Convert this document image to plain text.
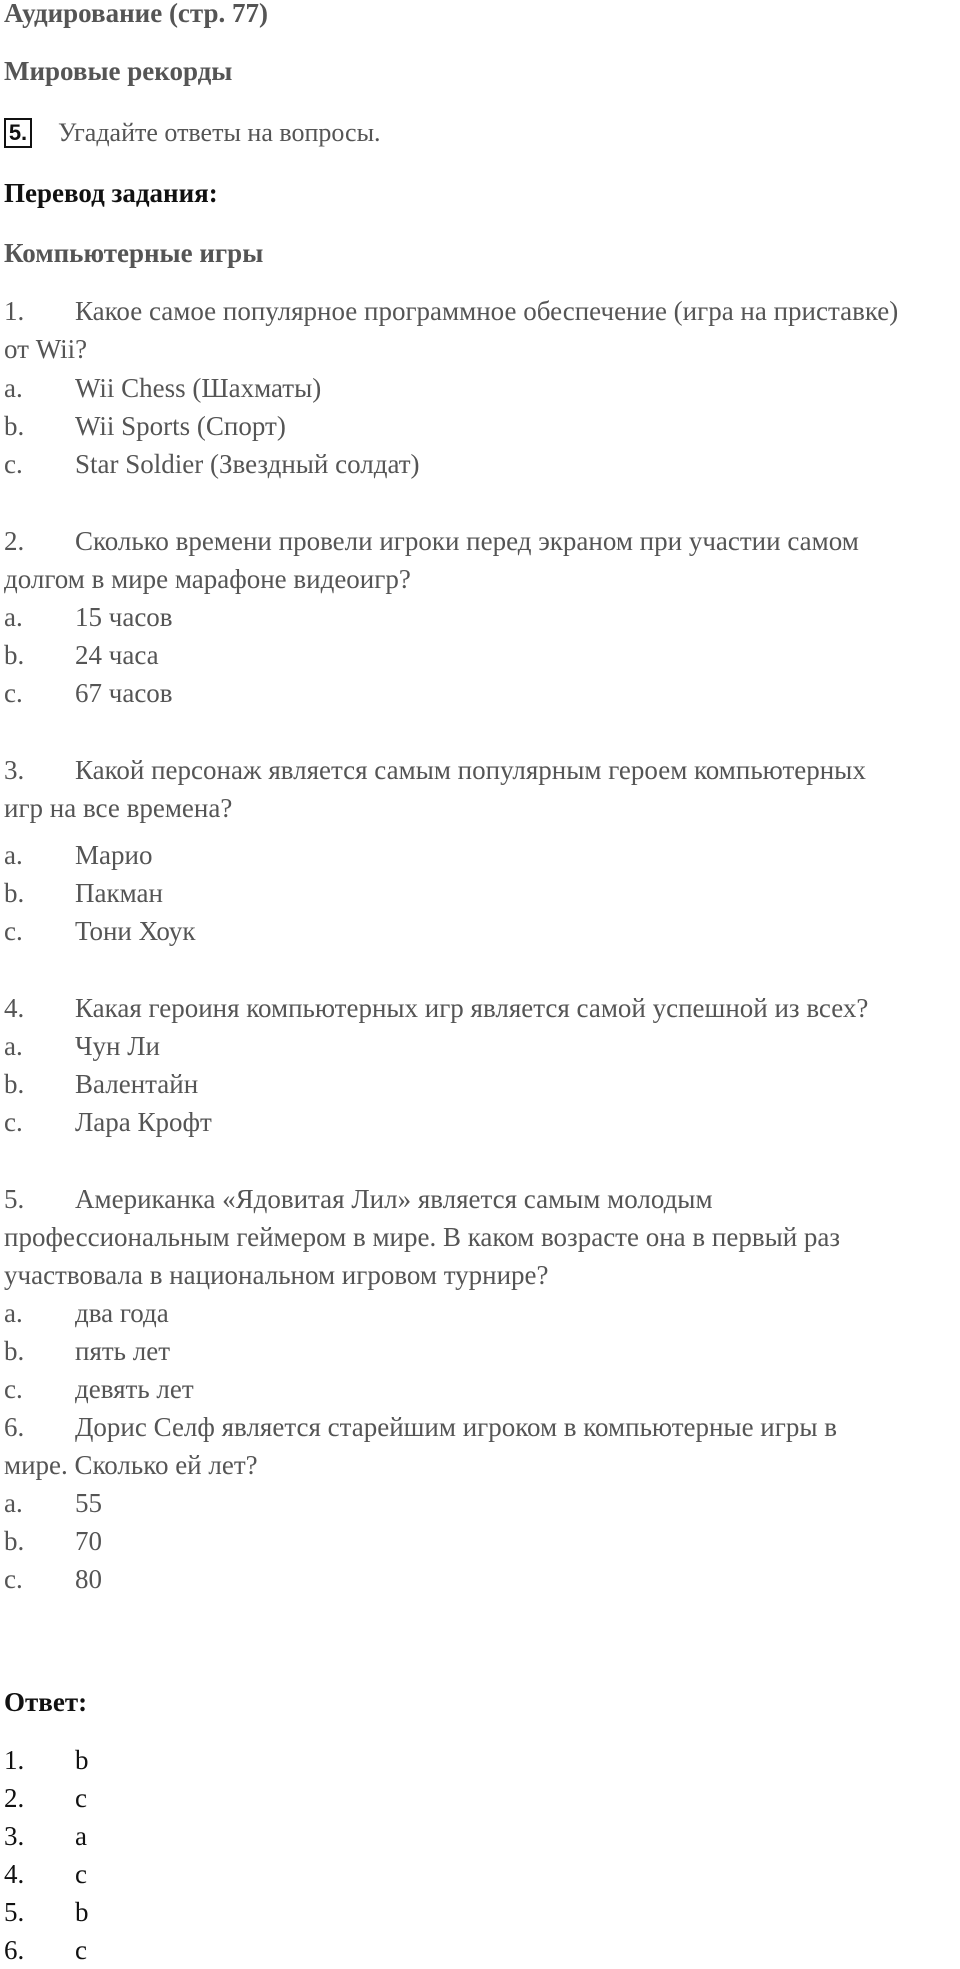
Аудирование (стр. 77)
Мировые рекорды
5. Угадайте ответы на вопросы.
Перевод задания:
Компьютерные игры
1. Какое самое популярное программное обеспечение (игра на приставке)
от Wii?
a. Wii Chess (Шахматы)
b. Wii Sports (Спорт)
c. Star Soldier (Звездный солдат)
2. Сколько времени провели игроки перед экраном при участии самом
долгом в мире марафоне видеоигр?
a. 15 часов
b. 24 часа
c. 67 часов
3. Какой персонаж является самым популярным героем компьютерных
игр на все времена?
a. Марио
b. Пакман
c. Тони Хоук
4. Какая героиня компьютерных игр является самой успешной из всех?
a. Чун Ли
b. Валентайн
c. Лара Крофт
5. Американка «Ядовитая Лил» является самым молодым
профессиональным геймером в мире. В каком возрасте она в первый раз
участвовала в национальном игровом турнире?
a. два года
b. пять лет
c. девять лет
6. Дорис Селф является старейшим игроком в компьютерные игры в
мире. Сколько ей лет?
a. 55
b. 70
c. 80
Ответ:
1. b
2. c
3. a
4. c
5. b
6. c
